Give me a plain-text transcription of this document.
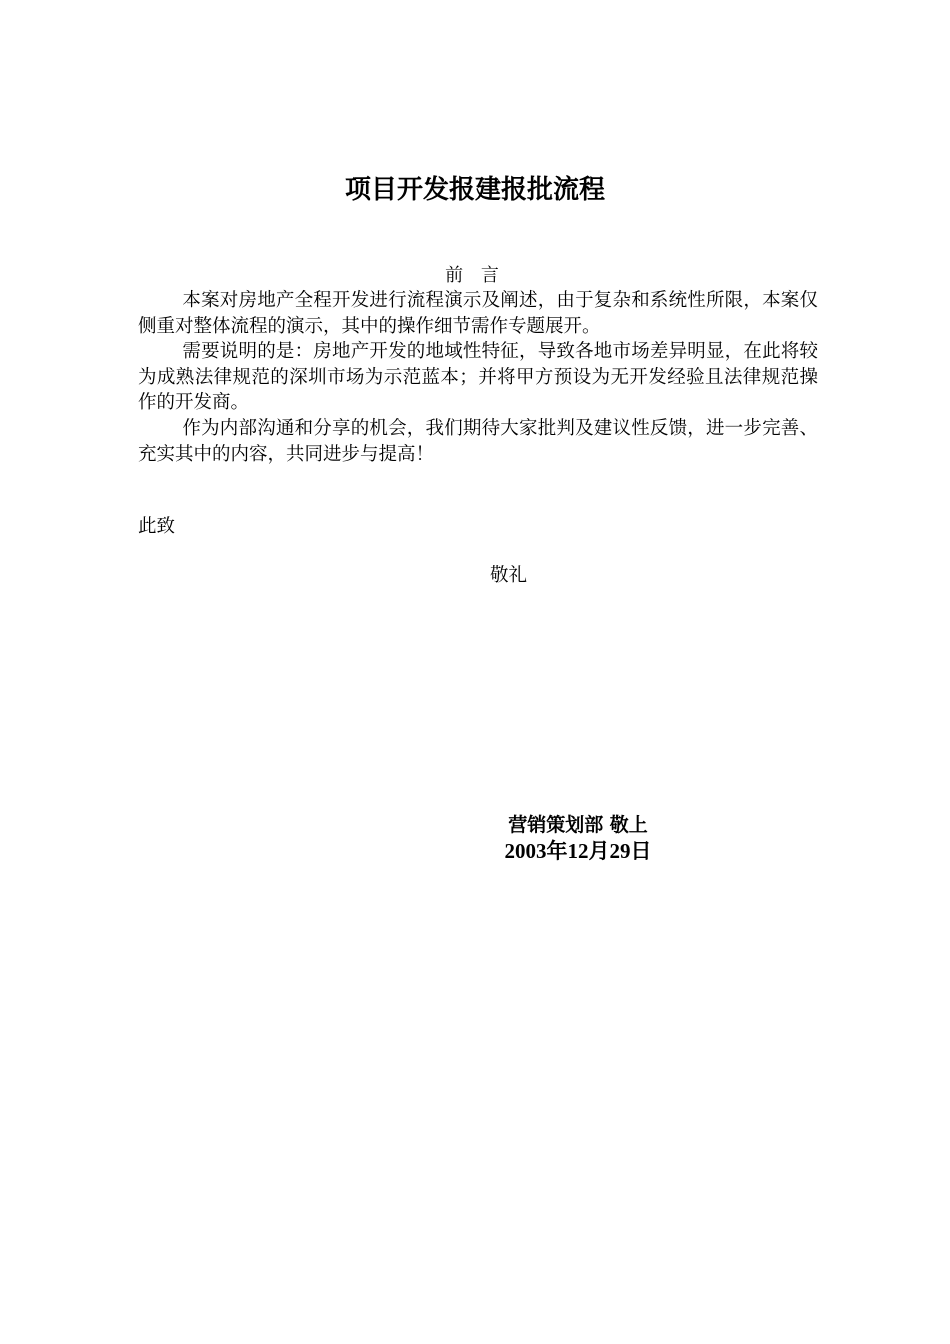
项目开发报建报批流程
前 言

本案对房地产全程开发进行流程演示及阐述，由于复杂和系统性所限，本案仅侧重对整体流程的演示，其中的操作细节需作专题展开。

需要说明的是：房地产开发的地域性特征，导致各地市场差异明显，在此将较为成熟法律规范的深圳市场为示范蓝本；并将甲方预设为无开发经验且法律规范操作的开发商。

作为内部沟通和分享的机会，我们期待大家批判及建议性反馈，进一步完善、充实其中的内容，共同进步与提高！

此致
敬礼
营销策划部 敬上
2003年12月29日
